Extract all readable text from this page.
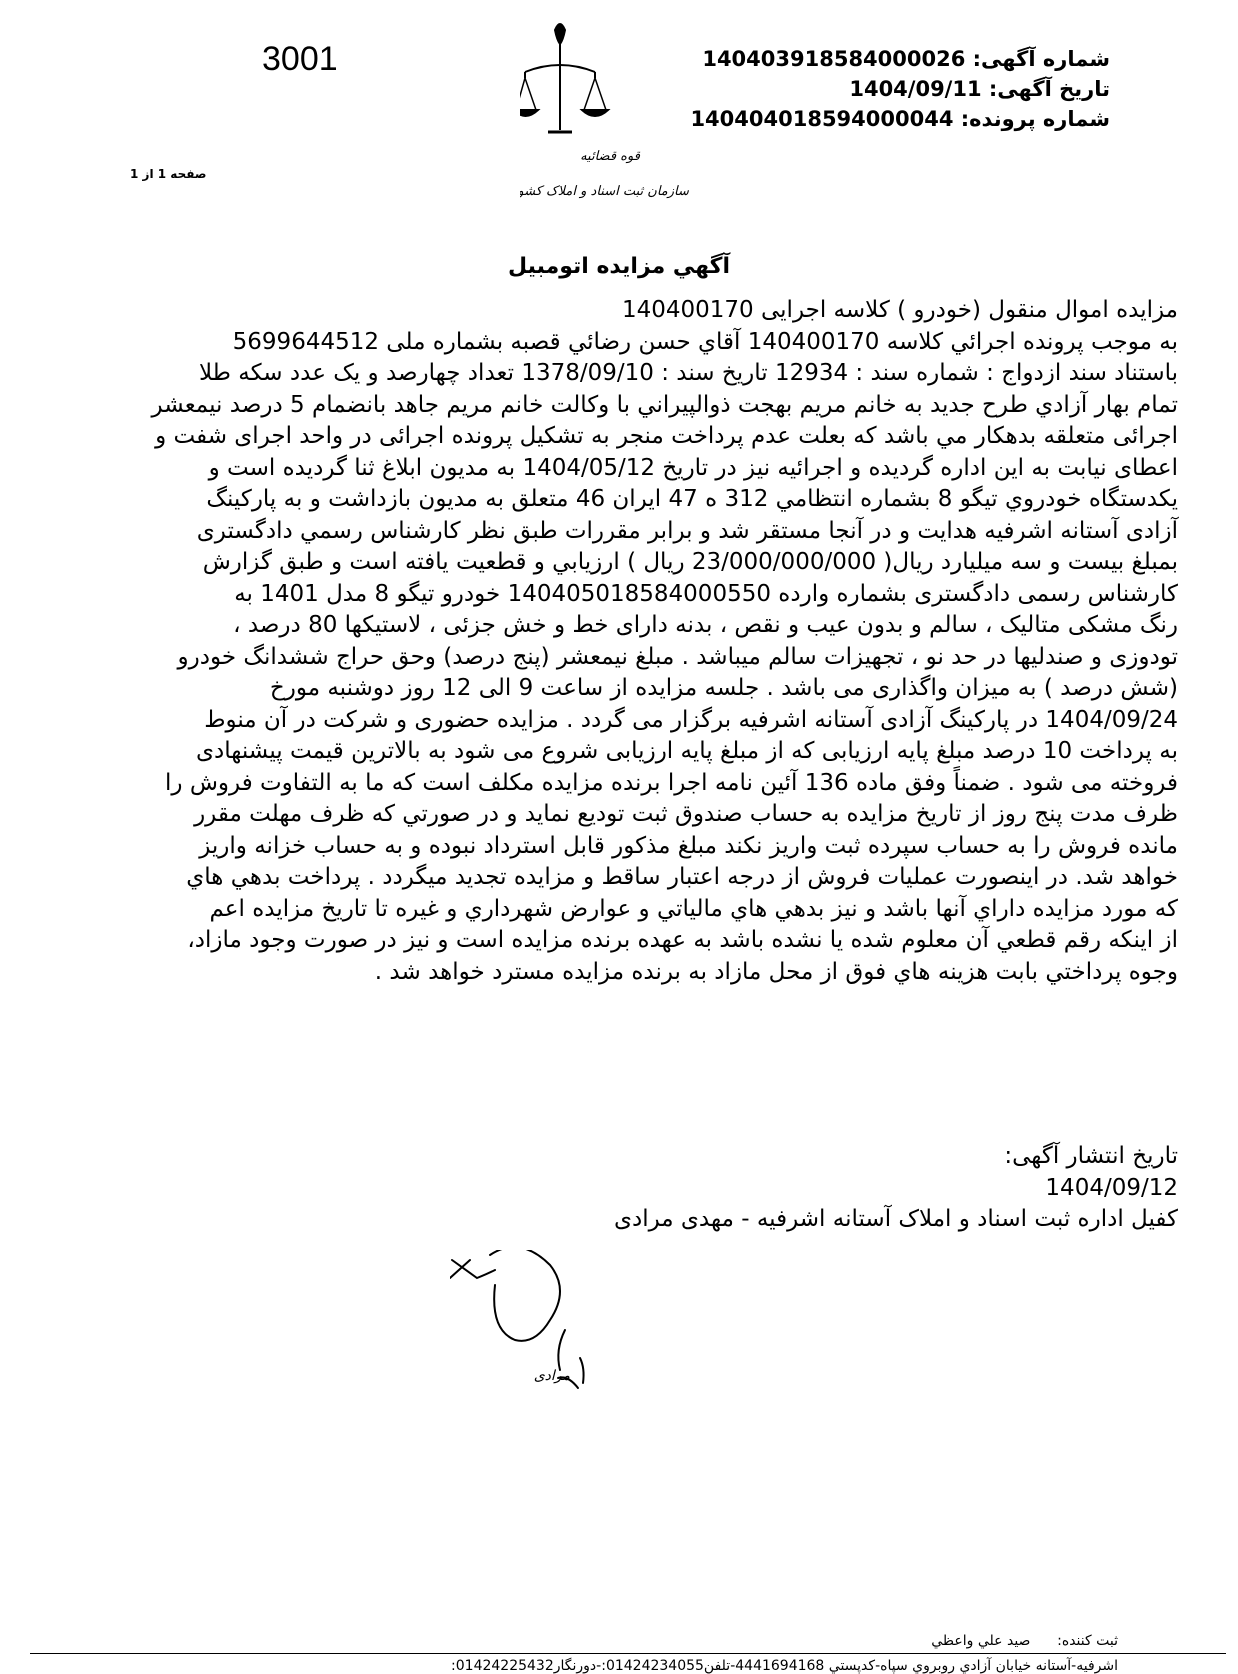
شماره آگهی: 140403918584000026
تاریخ آگهی: 1404/09/11
شماره پرونده: 140404018594000044
3001
صفحه 1 از 1
قوه قضائیه
سازمان ثبت اسناد و املاک کشور
آگهي مزايده اتومبيل

مزایده اموال منقول (خودرو ) کلاسه اجرایی 140400170

به موجب پرونده اجرائي كلاسه 140400170 آقاي حسن رضائي قصبه بشماره ملی 5699644512

باستناد سند ازدواج : شماره سند : 12934 تاريخ سند : 1378/09/10 تعداد چهارصد و یک عدد سکه طلا

تمام بهار آزادي طرح جديد به خانم مريم بهجت ذوالپيراني با وكالت خانم مريم جاهد بانضمام 5 درصد نیمعشر

اجرائی متعلقه بدهكار مي باشد که بعلت عدم پرداخت منجر به تشکیل پرونده اجرائی در واحد اجرای شفت و

اعطای نیابت به این اداره گردیده و اجرائیه نیز در تاریخ 1404/05/12 به مدیون ابلاغ ثنا گردیده است و

یکدستگاه خودروي تيگو 8 بشماره انتظامي 312 ه 47 ايران 46 متعلق به مدیون بازداشت و به پارکینگ

آزادی آستانه اشرفیه هدایت و در آنجا مستقر شد و برابر مقررات طبق نظر کارشناس رسمي دادگستری

بمبلغ بیست و سه میلیارد ریال( 23/000/000/000 ریال ) ارزیابي و قطعیت یافته است و طبق گزارش

کارشناس رسمی دادگستری بشماره وارده 140405018584000550 خودرو تيگو 8 مدل 1401 به

رنگ مشکی متالیک ، سالم و بدون عیب و نقص ، بدنه دارای خط و خش جزئی ، لاستیکها 80 درصد ،

تودوزی و صندلیها در حد نو ، تجهیزات سالم میباشد . مبلغ نیمعشر (پنج درصد) وحق حراج ششدانگ خودرو

(شش درصد ) به میزان واگذاری می باشد . جلسه مزایده از ساعت 9 الی 12 روز دوشنبه مورخ

1404/09/24 در پارکینگ آزادی آستانه اشرفیه برگزار می گردد . مزایده حضوری و شرکت در آن منوط

به پرداخت 10 درصد مبلغ پایه ارزیابی که از مبلغ پایه ارزیابی شروع می شود به بالاترین قیمت پیشنهادی

فروخته می شود . ضمناً وفق ماده 136 آئین نامه اجرا برنده مزایده مکلف است که ما به التفاوت فروش را

ظرف مدت پنج روز از تاريخ مزايده به حساب صندوق ثبت توديع نمايد و در صورتي كه ظرف مهلت مقرر

مانده فروش را به حساب سپرده ثبت واريز نكند مبلغ مذكور قابل استرداد نبوده و به حساب خزانه واريز

خواهد شد. در اينصورت عمليات فروش از درجه اعتبار ساقط و مزايده تجديد ميگردد . پرداخت بدهي هاي

كه مورد مزايده داراي آنها باشد و نيز بدهي هاي مالياتي و عوارض شهرداري و غيره تا تاريخ مزايده اعم

از اينكه رقم قطعي آن معلوم شده يا نشده باشد به عهده برنده مزايده است و نيز در صورت وجود مازاد،

وجوه پرداختي بابت هزينه هاي فوق از محل مازاد به برنده مزايده مسترد خواهد شد .

تاريخ انتشار آگهی:
1404/09/12
کفیل اداره ثبت اسناد و املاک آستانه اشرفیه - مهدی مرادی
مرادی
ثبت كننده:      صيد علي واعظي
اشرفیه-آستانه خيابان آزادي روبروي سپاه-كدپستي 4441694168-تلفن01424234055:-دورنگار01424225432:
